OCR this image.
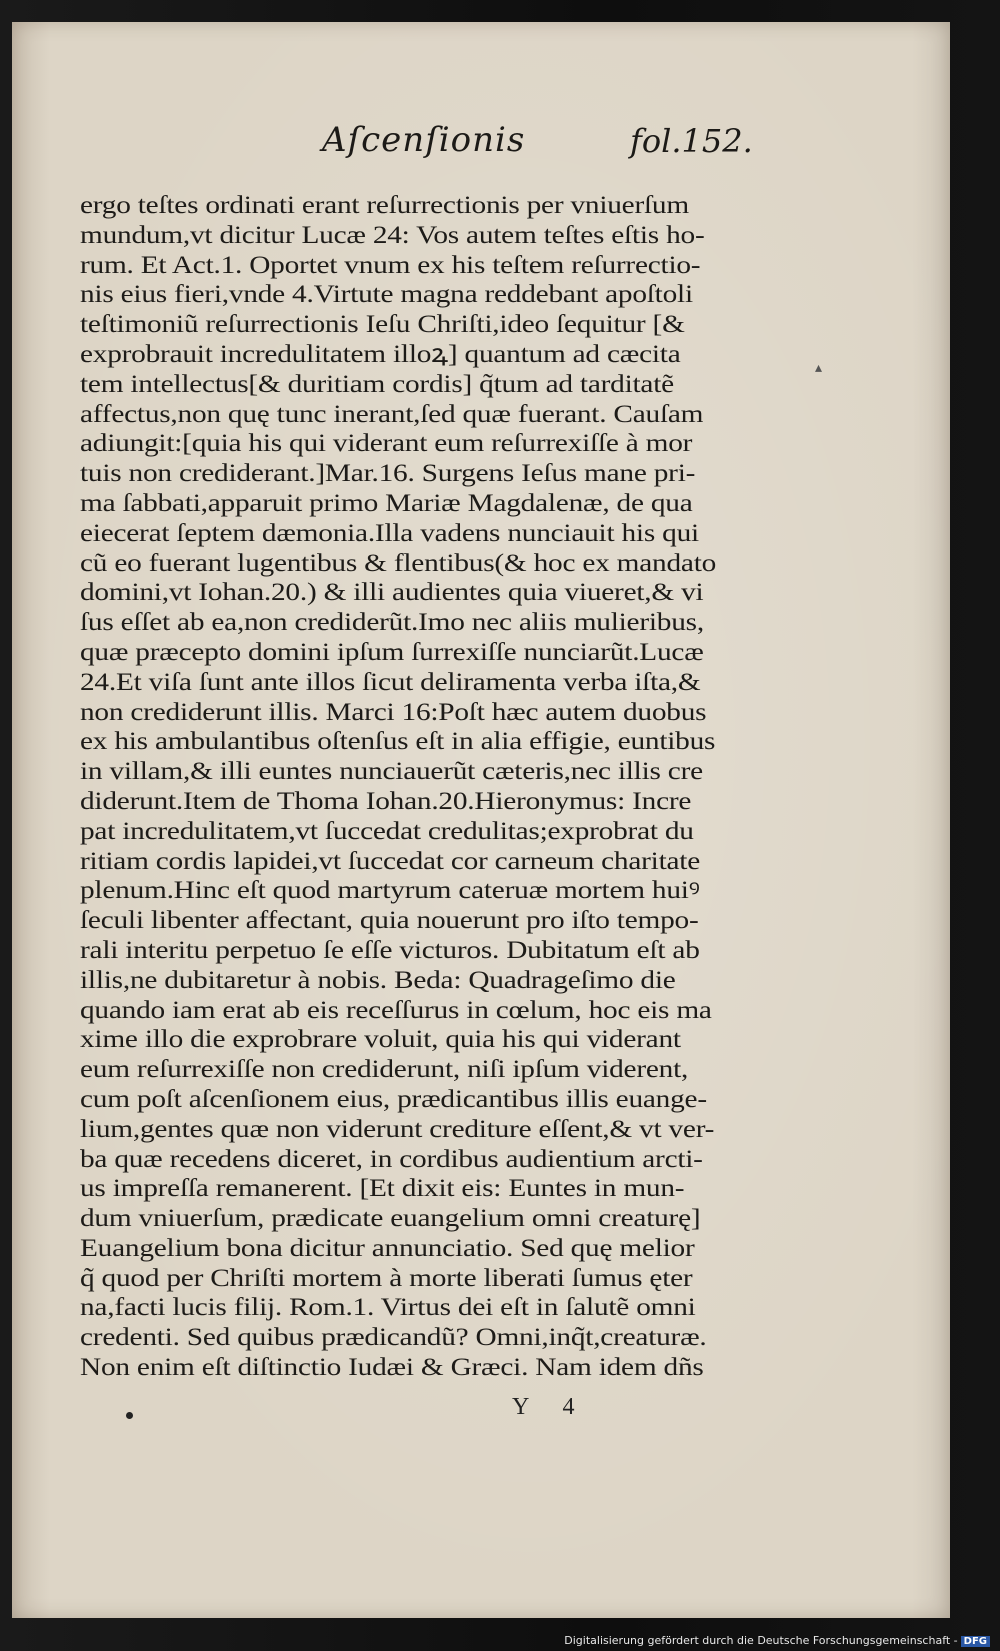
Aſcenſionis	fol.152.
ergo teſtes ordinati erant reſurrectionis per vniuerſum
mundum,vt dicitur Lucæ 24: Vos autem teſtes eſtis ho-
rum. Et Act.1. Oportet vnum ex his teſtem reſurrectio-
nis eius fieri,vnde 4.Virtute magna reddebant apoſtoli
teſtimoniũ reſurrectionis Ieſu Chriſti,ideo ſequitur [&
exprobrauit incredulitatem illoꝝ] quantum ad cæcita
tem intellectus[& duritiam cordis] q̃tum ad tarditatẽ
affectus,non quę tunc inerant,ſed quæ fuerant. Cauſam
adiungit:[quia his qui viderant eum reſurrexiſſe à mor
tuis non crediderant.]Mar.16. Surgens Ieſus mane pri-
ma ſabbati,apparuit primo Mariæ Magdalenæ, de qua
eiecerat ſeptem dæmonia.Illa vadens nunciauit his qui
cũ eo fuerant lugentibus & flentibus(& hoc ex mandato
domini,vt Iohan.20.) & illi audientes quia viueret,& vi
ſus eſſet ab ea,non crediderũt.Imo nec aliis mulieribus,
quæ præcepto domini ipſum ſurrexiſſe nunciarũt.Lucæ
24.Et viſa ſunt ante illos ſicut deliramenta verba iſta,&
non crediderunt illis. Marci 16:Poſt hæc autem duobus
ex his ambulantibus oſtenſus eſt in alia effigie, euntibus
in villam,& illi euntes nunciauerũt cæteris,nec illis cre
diderunt.Item de Thoma Iohan.20.Hieronymus: Incre
pat incredulitatem,vt ſuccedat credulitas;exprobrat du
ritiam cordis lapidei,vt ſuccedat cor carneum charitate
plenum.Hinc eſt quod martyrum cateruæ mortem huiꝰ
ſeculi libenter affectant, quia nouerunt pro iſto tempo-
rali interitu perpetuo ſe eſſe victuros. Dubitatum eſt ab
illis,ne dubitaretur à nobis. Beda: Quadrageſimo die
quando iam erat ab eis receſſurus in cœlum, hoc eis ma
xime illo die exprobrare voluit, quia his qui viderant
eum reſurrexiſſe non crediderunt, niſi ipſum viderent,
cum poſt aſcenſionem eius, prædicantibus illis euange-
lium,gentes quæ non viderunt crediture eſſent,& vt ver-
ba quæ recedens diceret, in cordibus audientium arctі-
us impreſſa remanerent. [Et dixit eis: Euntes in mun-
dum vniuerſum, prædicate euangelium omni creaturę]
Euangelium bona dicitur annunciatio. Sed quę melior
q̃ quod per Chriſti mortem à morte liberati ſumus ęter
na,facti lucis filij. Rom.1. Virtus dei eſt in ſalutẽ omni
credenti. Sed quibus prædicandũ? Omni,inq̃t,creaturæ.
Non enim eſt diſtinctio Iudæi & Græci. Nam idem dñs
▴
Y 4
Digitalisierung gefördert durch die Deutsche Forschungsgemeinschaft - DFG
